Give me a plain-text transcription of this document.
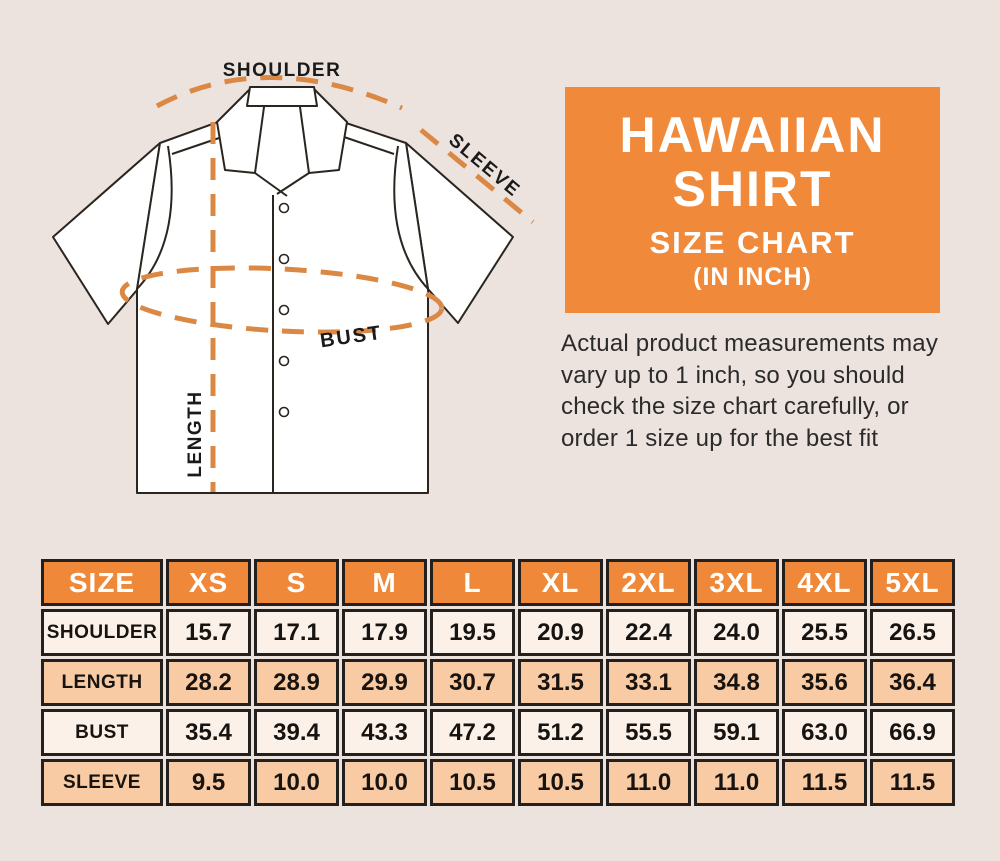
SHOULDER
SLEEVE
BUST
LENGTH
HAWAIIAN
SHIRT
SIZE CHART
(IN INCH)

Actual product measurements may vary up to 1 inch, so you should check the size chart carefully, or order 1 size up for the best fit

SIZE	XS	S	M	L	XL	2XL	3XL	4XL	5XL
SHOULDER	15.7	17.1	17.9	19.5	20.9	22.4	24.0	25.5	26.5
LENGTH	28.2	28.9	29.9	30.7	31.5	33.1	34.8	35.6	36.4
BUST	35.4	39.4	43.3	47.2	51.2	55.5	59.1	63.0	66.9
SLEEVE	9.5	10.0	10.0	10.5	10.5	11.0	11.0	11.5	11.5
